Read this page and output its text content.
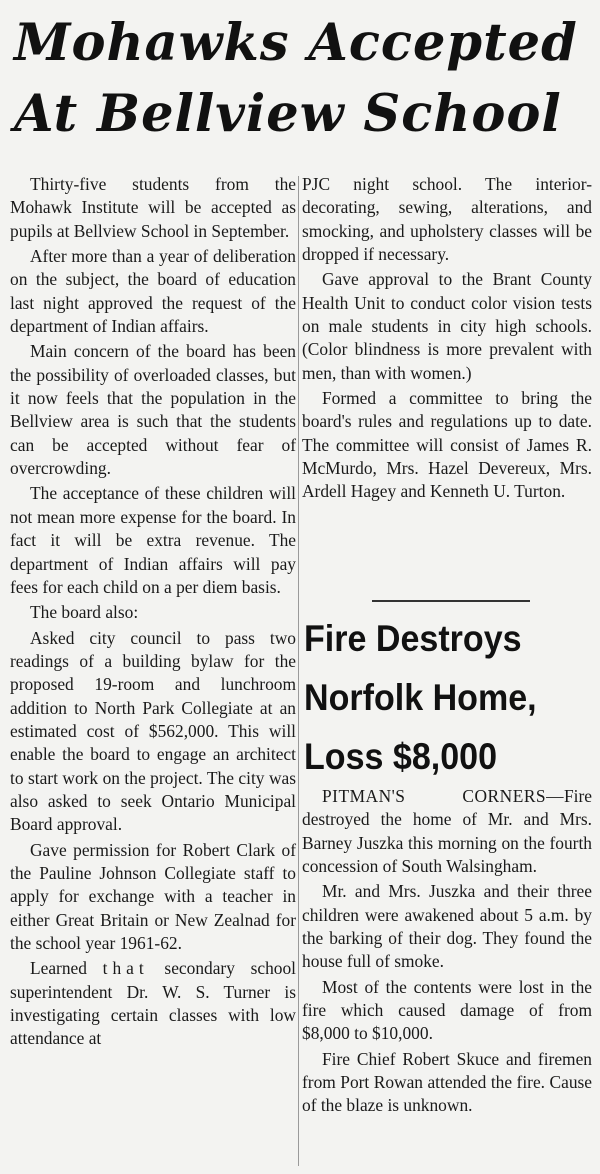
Mohawks Accepted
At Bellview School

Thirty-five students from the Mohawk Institute will be accepted as pupils at Bellview School in September.

After more than a year of deliberation on the subject, the board of education last night approved the request of the department of Indian affairs.

Main concern of the board has been the possibility of overloaded classes, but it now feels that the population in the Bellview area is such that the students can be accepted without fear of overcrowding.

The acceptance of these children will not mean more expense for the board. In fact it will be extra revenue. The department of Indian affairs will pay fees for each child on a per diem basis.

The board also:

Asked city council to pass two readings of a building bylaw for the proposed 19-room and lunchroom addition to North Park Collegiate at an estimated cost of $562,000. This will enable the board to engage an architect to start work on the project. The city was also asked to seek Ontario Municipal Board approval.

Gave permission for Robert Clark of the Pauline Johnson Collegiate staff to apply for exchange with a teacher in either Great Britain or New Zealnad for the school year 1961-62.

Learned that secondary school superintendent Dr. W. S. Turner is investigating certain classes with low attendance at

PJC night school. The interior-decorating, sewing, alterations, and smocking, and upholstery classes will be dropped if necessary.

Gave approval to the Brant County Health Unit to conduct color vision tests on male students in city high schools. (Color blindness is more prevalent with men, than with women.)

Formed a committee to bring the board's rules and regulations up to date. The committee will consist of James R. McMurdo, Mrs. Hazel Devereux, Mrs. Ardell Hagey and Kenneth U. Turton.

Fire Destroys
Norfolk Home,
Loss $8,000

PITMAN'S CORNERS—Fire destroyed the home of Mr. and Mrs. Barney Juszka this morning on the fourth concession of South Walsingham.

Mr. and Mrs. Juszka and their three children were awakened about 5 a.m. by the barking of their dog. They found the house full of smoke.

Most of the contents were lost in the fire which caused damage of from $8,000 to $10,000.

Fire Chief Robert Skuce and firemen from Port Rowan attended the fire. Cause of the blaze is unknown.
